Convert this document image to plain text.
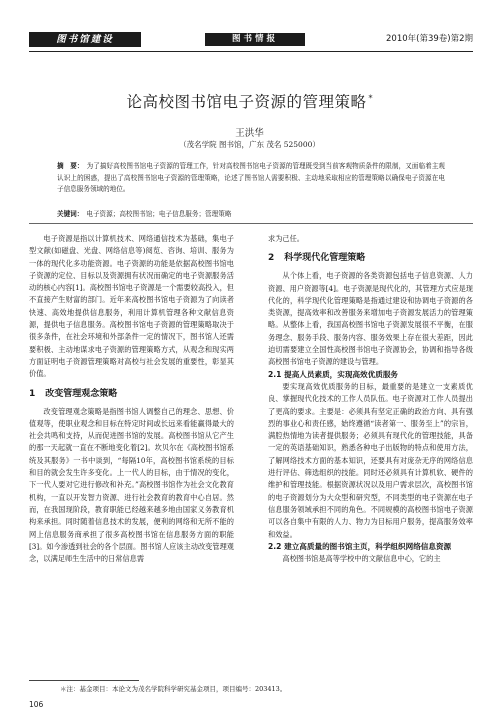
图书馆建设	图书情报	2010年(第39卷)第2期
论高校图书馆电子资源的管理策略 *
王洪华
（茂名学院 图书馆，广东 茂名 525000）
摘　要： 为了搞好高校图书馆电子资源的管理工作，针对高校图书馆电子资源的管理既受到当前客观物质条件的限制，又面临着主观认识上的困惑，提出了高校图书馆电子资源的管理策略，论述了图书馆人需要积极、主动地采取相应的管理策略以确保电子资源在电子信息服务领域的地位。
关键词： 电子资源；高校图书馆；电子信息服务；管理策略

电子资源是指以计算机技术、网络通信技术为基础，集电子型文献(如磁盘、光盘、网络信息等)阅览、咨询、培训、服务为一体的现代化多功能资源。电子资源的功能是依据高校图书馆电子资源的定位、目标以及资源拥有状况而确定的电子资源服务活动的核心内容[1]。高校图书馆电子资源是一个需要较高投入，但不直接产生财富的部门。近年来高校图书馆电子资源为了向读者快速、高效地提供信息服务，利用计算机管理各种文献信息资源，提供电子信息服务。高校图书馆电子资源的管理策略取决于很多条件，在社会环境和外部条件一定的情况下，图书馆人还需要积极、主动地谋求电子资源的管理策略方式，从观念和现实两方面证明电子资源管理策略对高校与社会发展的重要性，彰显其价值。

1 改变管理观念策略

改变管理观念策略是指图书馆人调整自己的理念、思想、价值观等，使职业观念和目标在特定时间或长远来看能赢得最大的社会共鸣和支持，从而促进图书馆的发展。高校图书馆从它产生的那一天起就一直在不断地变化着[2]。坎贝尔在《高校图书馆系统及其服务》一书中谈到，“每隔10年，高校图书馆系统的目标和目的就会发生许多变化。上一代人的目标，由于情况的变化，下一代人要对它进行修改和补充。”高校图书馆作为社会文化教育机构，一直以开发智力资源、进行社会教育的教育中心自居。然而，在我国现阶段，教育职能已经越来越多地由国家义务教育机构来承担。同时随着信息技术的发展，便利的网络和无所不能的网上信息服务商承担了很多高校图书馆在信息服务方面的职能[3]。如今渗透到社会的各个层面。图书馆人应该主动改变管理观念，以满足师生生活中的日常信息需

求为己任。

2 科学现代化管理策略

从个体上看，电子资源的各类资源包括电子信息资源、人力资源、用户资源等[4]。电子资源是现代化的，其管理方式应是现代化的，科学现代化管理策略是指通过建设和协调电子资源的各类资源，提高效率和改善服务来增加电子资源发展活力的管理策略。从整体上看，我国高校图书馆电子资源发展很不平衡，在服务理念、服务手段、服务内容、服务效果上存在很大差距，因此迫切需要建立全国性高校图书馆电子资源协会，协调和指导各级高校图书馆电子资源的建设与管理。

2.1 提高人员素质，实现高效优质服务

要实现高效优质服务的目标，最重要的是建立一支素质优良、掌握现代化技术的工作人员队伍。电子资源对工作人员提出了更高的要求。主要是：必须具有坚定正确的政治方向、具有强烈的事业心和责任感，始终遵循“读者第一、服务至上”的宗旨，满腔热情地为读者提供服务；必须具有现代化的管理技能，具备一定的英语基础知识，熟悉各种电子出版物的特点和使用方法，了解网络技术方面的基本知识，还要具有对庞杂无序的网络信息进行评估、筛选组织的技能。同时还必须具有计算机软、硬件的维护和管理技能。根据资源状况以及用户需求层次，高校图书馆的电子资源划分为大众型和研究型，不同类型的电子资源在电子信息服务领域承担不同的角色。不同规模的高校图书馆电子资源可以各自集中有限的人力、物力为目标用户服务，提高服务效率和效益。

2.2 建立高质量的图书馆主页，科学组织网络信息资源

高校图书馆是高等学校中的文献信息中心，它的主

＊注：基金项目：本论文为茂名学院科学研究基金项目，项目编号：203413。
106
